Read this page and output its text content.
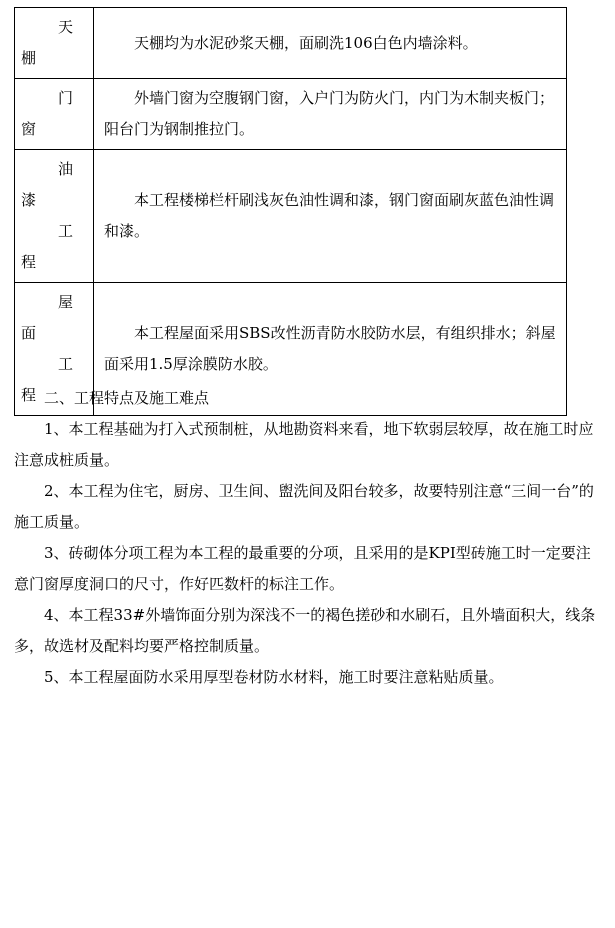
天
棚	天棚均为水泥砂浆天棚，面刷洗106白色内墙涂料。

门
窗	外墙门窗为空腹钢门窗，入户门为防火门，内门为木制夹板门；阳台门为钢制推拉门。

油
漆
工
程	本工程楼梯栏杆刷浅灰色油性调和漆，钢门窗面刷灰蓝色油性调和漆。

屋
面
工
程	本工程屋面采用SBS改性沥青防水胶防水层，有组织排水；斜屋面采用1.5厚涂膜防水胶。

二、工程特点及施工难点

1、本工程基础为打入式预制桩，从地勘资料来看，地下软弱层较厚，故在施工时应注意成桩质量。

2、本工程为住宅，厨房、卫生间、盥洗间及阳台较多，故要特别注意“三间一台”的施工质量。

3、砖砌体分项工程为本工程的最重要的分项，且采用的是KPⅠ型砖施工时一定要注意门窗厚度洞口的尺寸，作好匹数杆的标注工作。

4、本工程33#外墙饰面分别为深浅不一的褐色搓砂和水刷石，且外墙面积大，线条多，故选材及配料均要严格控制质量。

5、本工程屋面防水采用厚型卷材防水材料，施工时要注意粘贴质量。
